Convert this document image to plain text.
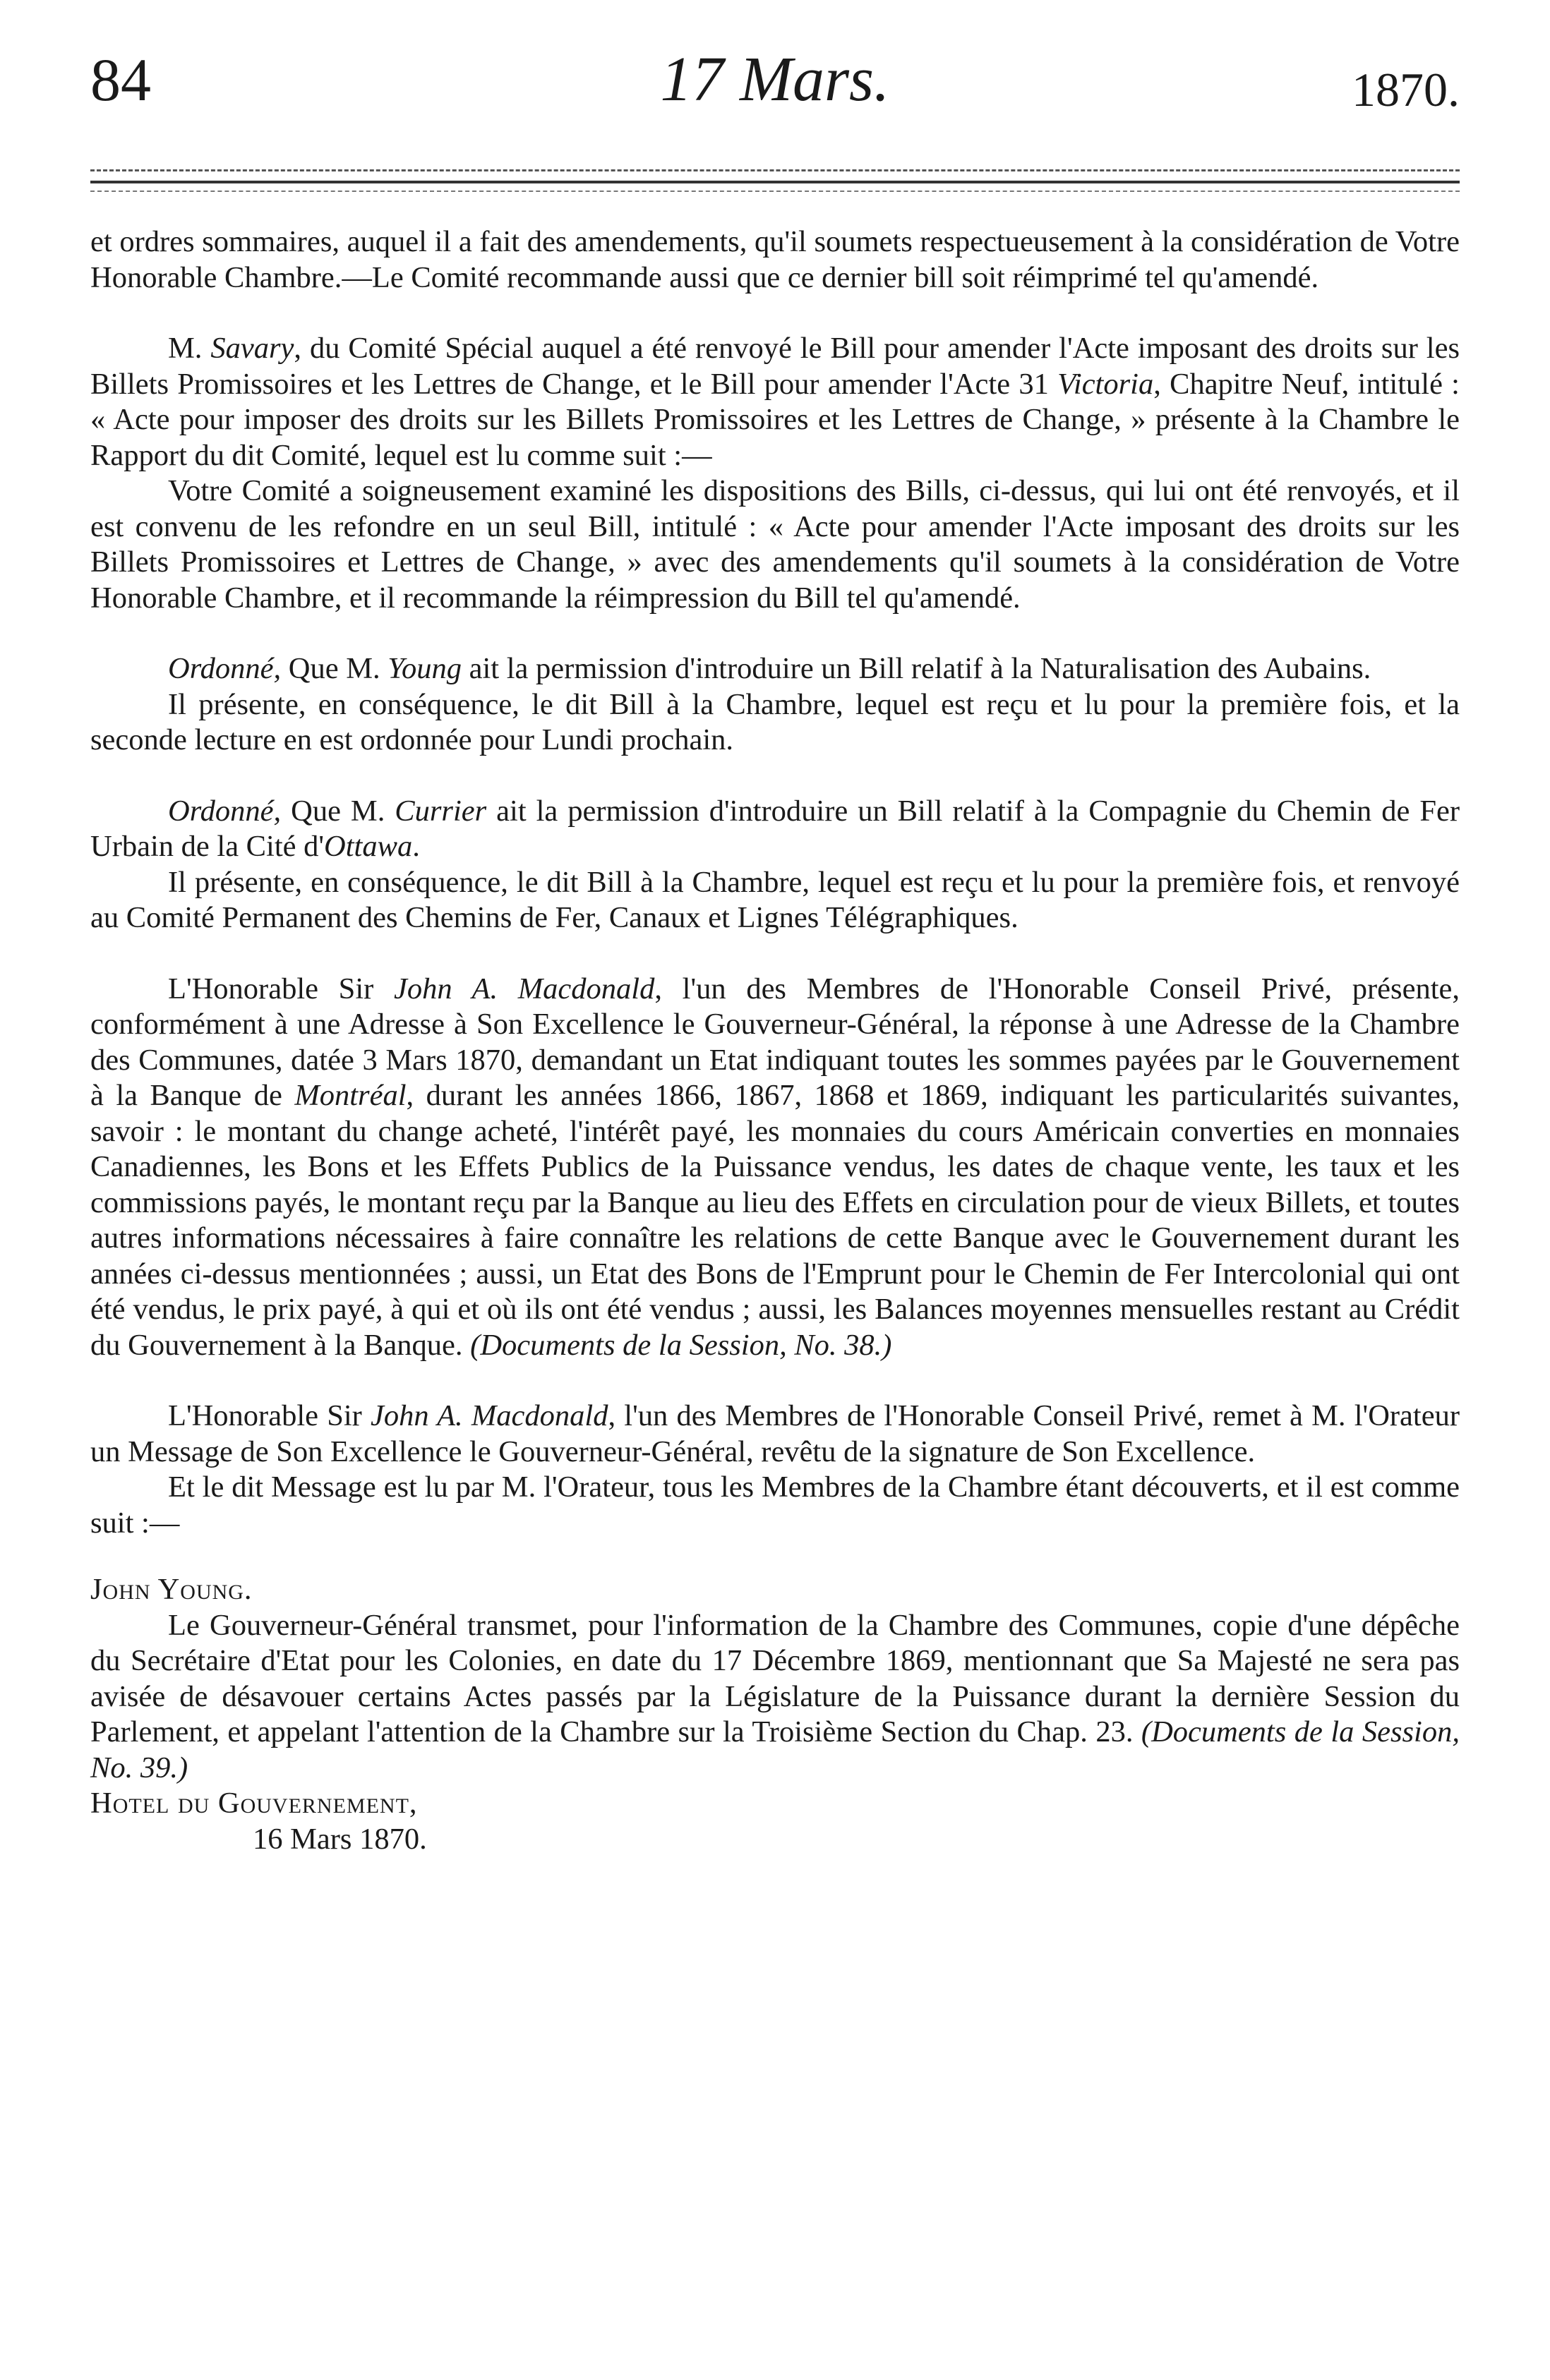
84	17 Mars.	1870.

et ordres sommaires, auquel il a fait des amendements, qu'il soumets respectueusement à la considération de Votre Honorable Chambre.—Le Comité recommande aussi que ce dernier bill soit réimprimé tel qu'amendé.

M. Savary, du Comité Spécial auquel a été renvoyé le Bill pour amender l'Acte imposant des droits sur les Billets Promissoires et les Lettres de Change, et le Bill pour amender l'Acte 31 Victoria, Chapitre Neuf, intitulé : « Acte pour imposer des droits sur les Billets Promissoires et les Lettres de Change, » présente à la Chambre le Rapport du dit Comité, lequel est lu comme suit :—

Votre Comité a soigneusement examiné les dispositions des Bills, ci-dessus, qui lui ont été renvoyés, et il est convenu de les refondre en un seul Bill, intitulé : « Acte pour amender l'Acte imposant des droits sur les Billets Promissoires et Lettres de Change, » avec des amendements qu'il soumets à la considération de Votre Honorable Chambre, et il recommande la réimpression du Bill tel qu'amendé.

Ordonné, Que M. Young ait la permission d'introduire un Bill relatif à la Naturalisation des Aubains.

Il présente, en conséquence, le dit Bill à la Chambre, lequel est reçu et lu pour la première fois, et la seconde lecture en est ordonnée pour Lundi prochain.

Ordonné, Que M. Currier ait la permission d'introduire un Bill relatif à la Compagnie du Chemin de Fer Urbain de la Cité d'Ottawa.

Il présente, en conséquence, le dit Bill à la Chambre, lequel est reçu et lu pour la première fois, et renvoyé au Comité Permanent des Chemins de Fer, Canaux et Lignes Télégraphiques.

L'Honorable Sir John A. Macdonald, l'un des Membres de l'Honorable Conseil Privé, présente, conformément à une Adresse à Son Excellence le Gouverneur-Général, la réponse à une Adresse de la Chambre des Communes, datée 3 Mars 1870, demandant un Etat indiquant toutes les sommes payées par le Gouvernement à la Banque de Montréal, durant les années 1866, 1867, 1868 et 1869, indiquant les particularités suivantes, savoir : le montant du change acheté, l'intérêt payé, les monnaies du cours Américain converties en monnaies Canadiennes, les Bons et les Effets Publics de la Puissance vendus, les dates de chaque vente, les taux et les commissions payés, le montant reçu par la Banque au lieu des Effets en circulation pour de vieux Billets, et toutes autres informations nécessaires à faire connaître les relations de cette Banque avec le Gouvernement durant les années ci-dessus mentionnées ; aussi, un Etat des Bons de l'Emprunt pour le Chemin de Fer Intercolonial qui ont été vendus, le prix payé, à qui et où ils ont été vendus ; aussi, les Balances moyennes mensuelles restant au Crédit du Gouvernement à la Banque. (Documents de la Session, No. 38.)

L'Honorable Sir John A. Macdonald, l'un des Membres de l'Honorable Conseil Privé, remet à M. l'Orateur un Message de Son Excellence le Gouverneur-Général, revêtu de la signature de Son Excellence.

Et le dit Message est lu par M. l'Orateur, tous les Membres de la Chambre étant découverts, et il est comme suit :—

John Young.

Le Gouverneur-Général transmet, pour l'information de la Chambre des Communes, copie d'une dépêche du Secrétaire d'Etat pour les Colonies, en date du 17 Décembre 1869, mentionnant que Sa Majesté ne sera pas avisée de désavouer certains Actes passés par la Législature de la Puissance durant la dernière Session du Parlement, et appelant l'attention de la Chambre sur la Troisième Section du Chap. 23. (Documents de la Session, No. 39.)

Hotel du Gouvernement,

16 Mars 1870.
